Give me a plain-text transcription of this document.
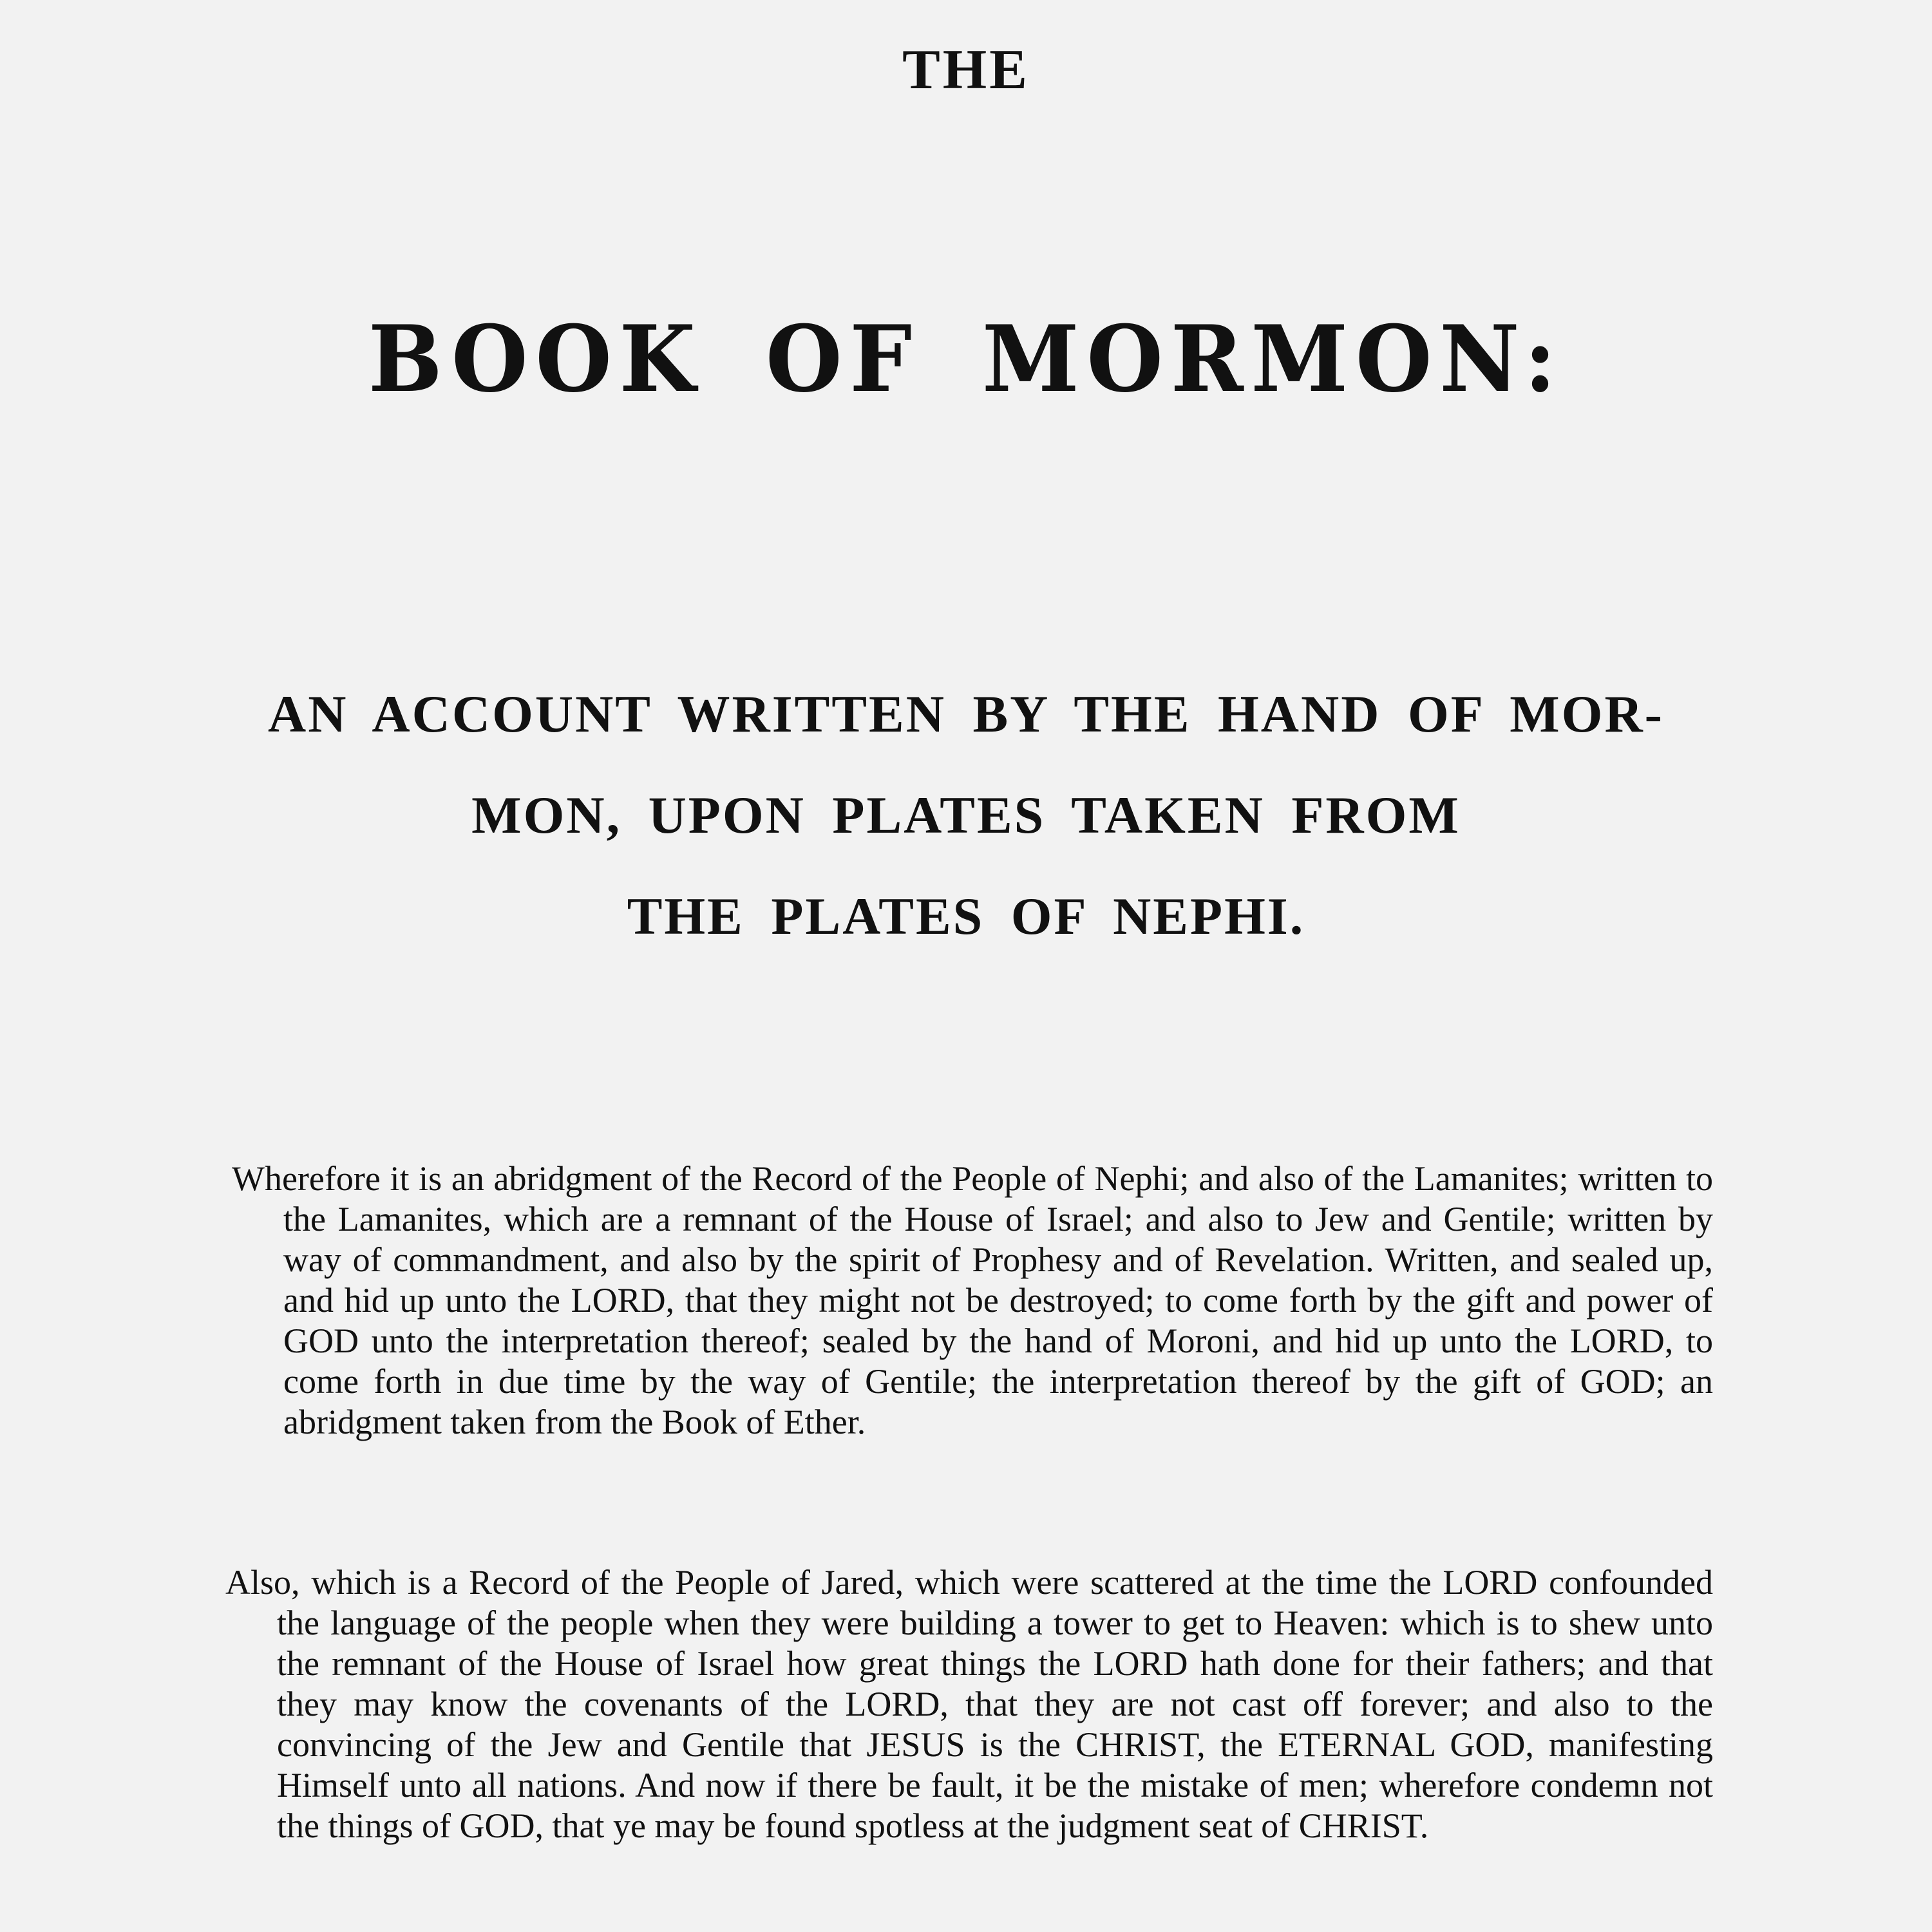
THE
BOOK OF MORMON:
AN ACCOUNT WRITTEN BY THE HAND OF MOR-
MON, UPON PLATES TAKEN FROM
THE PLATES OF NEPHI.

Wherefore it is an abridgment of the Record of the People of Nephi; and also of the Lamanites; written to the Lamanites, which are a remnant of the House of Israel; and also to Jew and Gentile; written by way of commandment, and also by the spirit of Prophesy and of Revelation. Written, and sealed up, and hid up unto the LORD, that they might not be destroyed; to come forth by the gift and power of GOD unto the interpretation thereof; sealed by the hand of Moroni, and hid up unto the LORD, to come forth in due time by the way of Gentile; the interpretation thereof by the gift of GOD; an abridgment taken from the Book of Ether.

Also, which is a Record of the People of Jared, which were scattered at the time the LORD confounded the language of the people when they were building a tower to get to Heaven: which is to shew unto the remnant of the House of Israel how great things the LORD hath done for their fathers; and that they may know the covenants of the LORD, that they are not cast off forever; and also to the convincing of the Jew and Gentile that JESUS is the CHRIST, the ETERNAL GOD, manifesting Himself unto all nations. And now if there be fault, it be the mistake of men; wherefore condemn not the things of GOD, that ye may be found spotless at the judgment seat of CHRIST.
